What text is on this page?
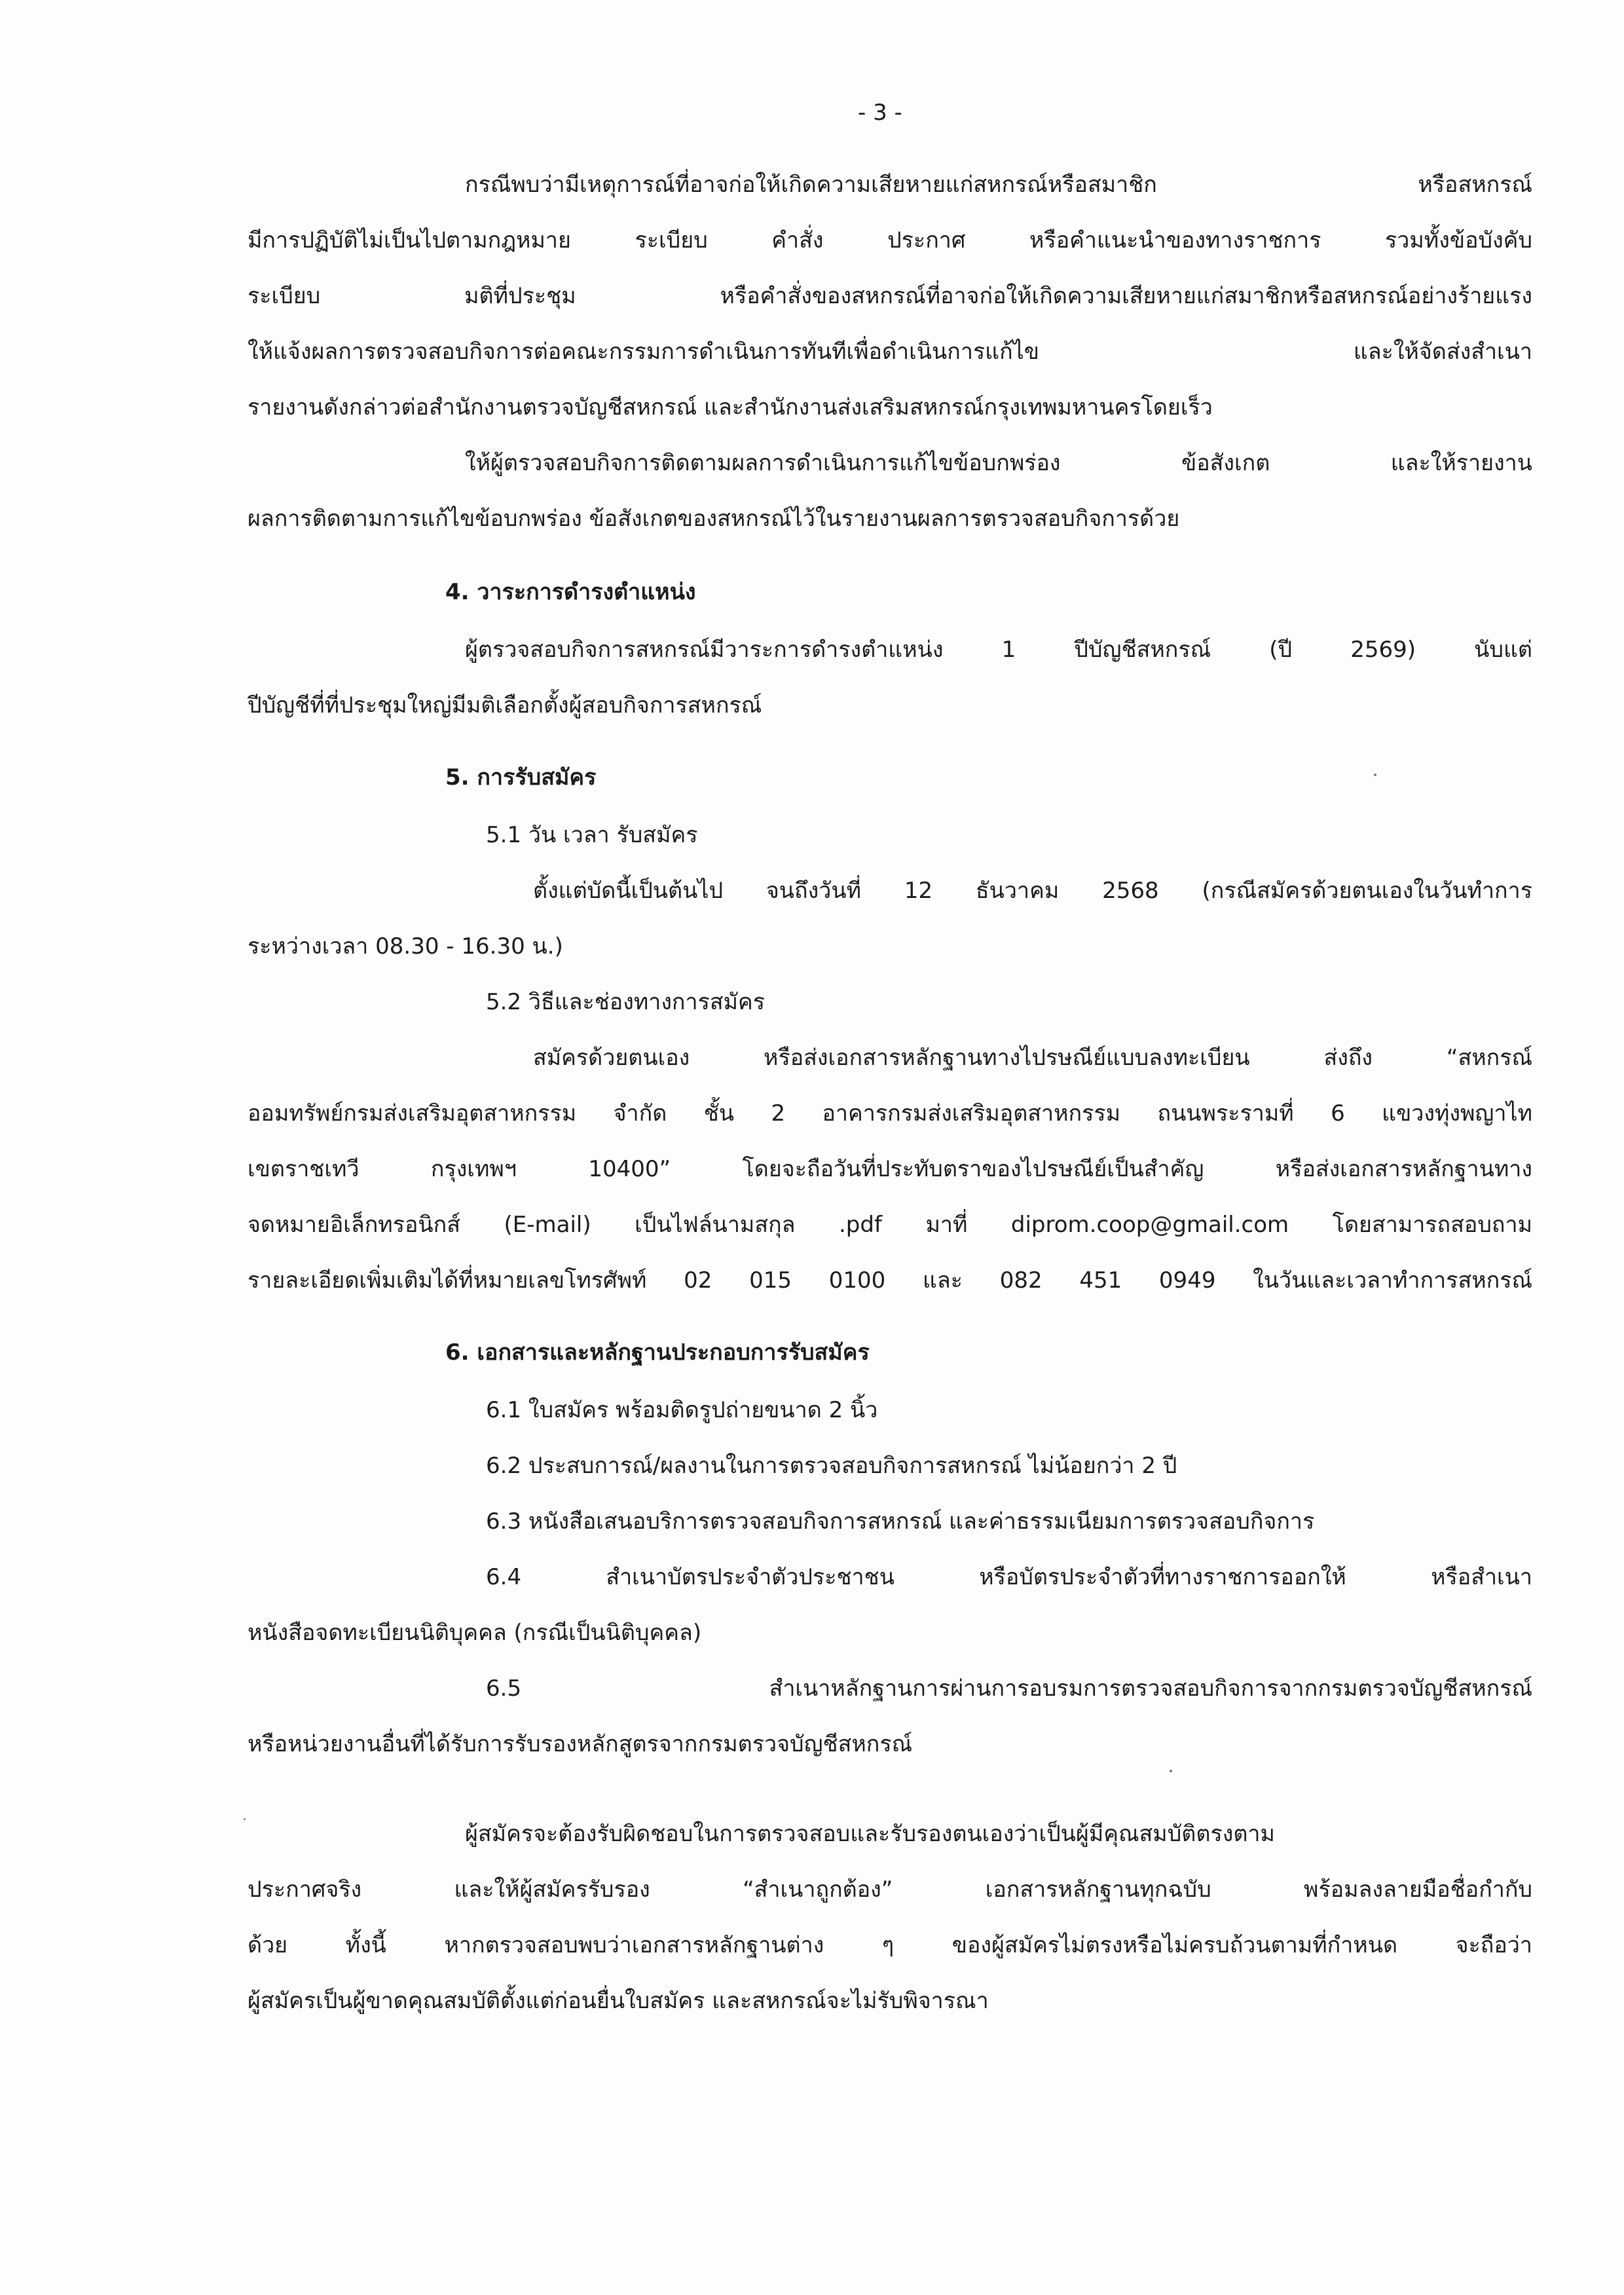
- 3 -
กรณีพบว่ามีเหตุการณ์ที่อาจก่อให้เกิดความเสียหายแก่สหกรณ์หรือสมาชิก หรือสหกรณ์
มีการปฏิบัติไม่เป็นไปตามกฎหมาย ระเบียบ คำสั่ง ประกาศ หรือคำแนะนำของทางราชการ รวมทั้งข้อบังคับ
ระเบียบ มติที่ประชุม หรือคำสั่งของสหกรณ์ที่อาจก่อให้เกิดความเสียหายแก่สมาชิกหรือสหกรณ์อย่างร้ายแรง
ให้แจ้งผลการตรวจสอบกิจการต่อคณะกรรมการดำเนินการทันทีเพื่อดำเนินการแก้ไข และให้จัดส่งสำเนา
รายงานดังกล่าวต่อสำนักงานตรวจบัญชีสหกรณ์ และสำนักงานส่งเสริมสหกรณ์กรุงเทพมหานครโดยเร็ว
ให้ผู้ตรวจสอบกิจการติดตามผลการดำเนินการแก้ไขข้อบกพร่อง ข้อสังเกต และให้รายงาน
ผลการติดตามการแก้ไขข้อบกพร่อง ข้อสังเกตของสหกรณ์ไว้ในรายงานผลการตรวจสอบกิจการด้วย
4. วาระการดำรงตำแหน่ง
ผู้ตรวจสอบกิจการสหกรณ์มีวาระการดำรงตำแหน่ง 1 ปีบัญชีสหกรณ์ (ปี 2569) นับแต่
ปีบัญชีที่ที่ประชุมใหญ่มีมติเลือกตั้งผู้สอบกิจการสหกรณ์
5. การรับสมัคร
5.1 วัน เวลา รับสมัคร
ตั้งแต่บัดนี้เป็นต้นไป จนถึงวันที่ 12 ธันวาคม 2568 (กรณีสมัครด้วยตนเองในวันทำการ
ระหว่างเวลา 08.30 - 16.30 น.)
5.2 วิธีและช่องทางการสมัคร
สมัครด้วยตนเอง หรือส่งเอกสารหลักฐานทางไปรษณีย์แบบลงทะเบียน ส่งถึง “สหกรณ์
ออมทรัพย์กรมส่งเสริมอุตสาหกรรม จำกัด ชั้น 2 อาคารกรมส่งเสริมอุตสาหกรรม ถนนพระรามที่ 6 แขวงทุ่งพญาไท
เขตราชเทวี กรุงเทพฯ 10400” โดยจะถือวันที่ประทับตราของไปรษณีย์เป็นสำคัญ หรือส่งเอกสารหลักฐานทาง
จดหมายอิเล็กทรอนิกส์ (E-mail) เป็นไฟล์นามสกุล .pdf มาที่ diprom.coop@gmail.com โดยสามารถสอบถาม
รายละเอียดเพิ่มเติมได้ที่หมายเลขโทรศัพท์ 02 015 0100 และ 082 451 0949 ในวันและเวลาทำการสหกรณ์
6. เอกสารและหลักฐานประกอบการรับสมัคร
6.1 ใบสมัคร พร้อมติดรูปถ่ายขนาด 2 นิ้ว
6.2 ประสบการณ์/ผลงานในการตรวจสอบกิจการสหกรณ์ ไม่น้อยกว่า 2 ปี
6.3 หนังสือเสนอบริการตรวจสอบกิจการสหกรณ์ และค่าธรรมเนียมการตรวจสอบกิจการ
6.4 สำเนาบัตรประจำตัวประชาชน หรือบัตรประจำตัวที่ทางราชการออกให้ หรือสำเนา
หนังสือจดทะเบียนนิติบุคคล (กรณีเป็นนิติบุคคล)
6.5 สำเนาหลักฐานการผ่านการอบรมการตรวจสอบกิจการจากกรมตรวจบัญชีสหกรณ์
หรือหน่วยงานอื่นที่ได้รับการรับรองหลักสูตรจากกรมตรวจบัญชีสหกรณ์
ผู้สมัครจะต้องรับผิดชอบในการตรวจสอบและรับรองตนเองว่าเป็นผู้มีคุณสมบัติตรงตาม
ประกาศจริง และให้ผู้สมัครรับรอง “สำเนาถูกต้อง” เอกสารหลักฐานทุกฉบับ พร้อมลงลายมือชื่อกำกับ
ด้วย ทั้งนี้ หากตรวจสอบพบว่าเอกสารหลักฐานต่าง ๆ ของผู้สมัครไม่ตรงหรือไม่ครบถ้วนตามที่กำหนด จะถือว่า
ผู้สมัครเป็นผู้ขาดคุณสมบัติตั้งแต่ก่อนยื่นใบสมัคร และสหกรณ์จะไม่รับพิจารณา
